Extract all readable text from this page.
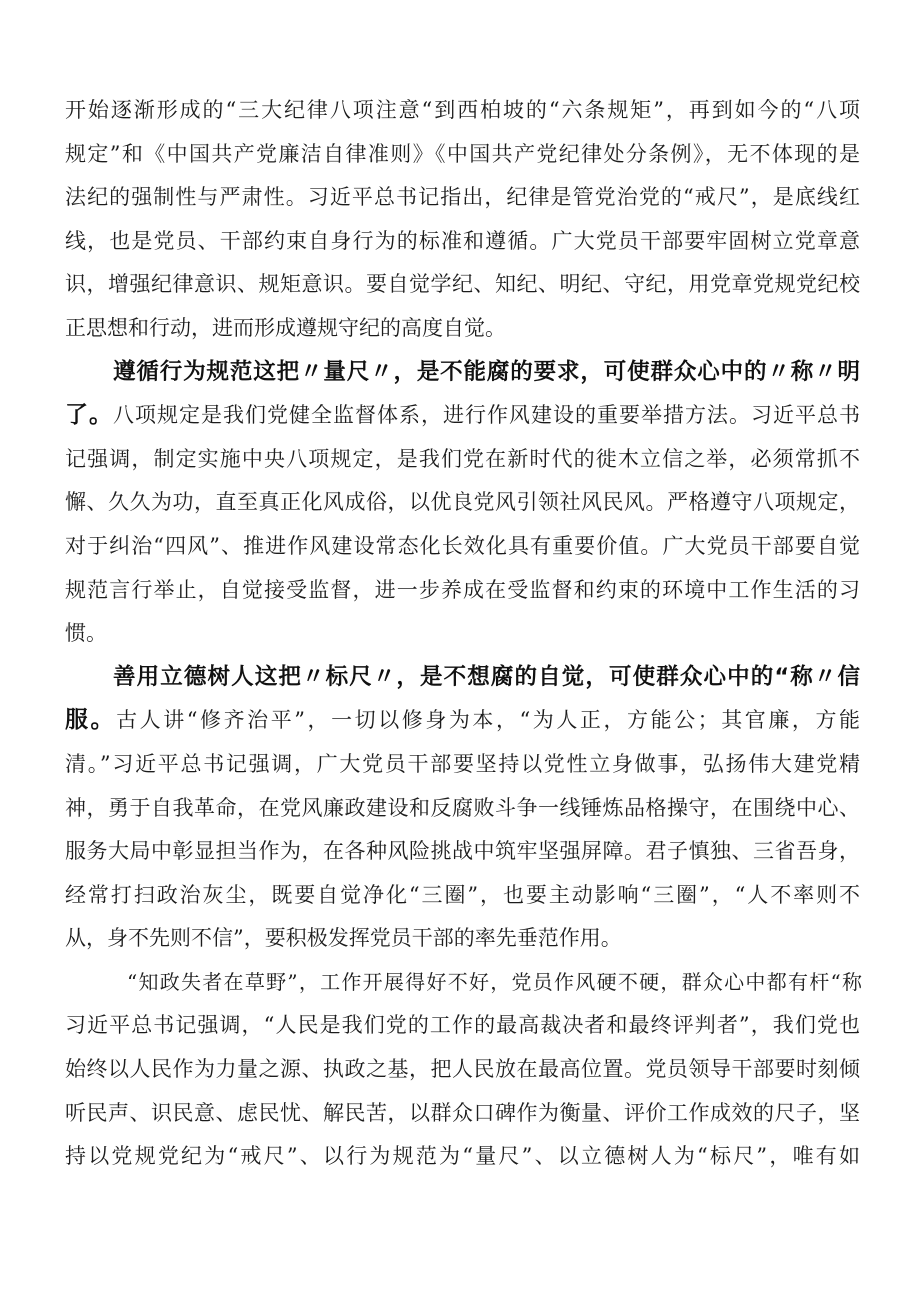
开始逐渐形成的“三大纪律八项注意“到西柏坡的“六条规矩”，再到如今的“八项
规定”和《中国共产党廉洁自律准则》《中国共产党纪律处分条例》，无不体现的是
法纪的强制性与严肃性。习近平总书记指出，纪律是管党治党的“戒尺”，是底线红
线，也是党员、干部约束自身行为的标准和遵循。广大党员干部要牢固树立党章意
识，增强纪律意识、规矩意识。要自觉学纪、知纪、明纪、守纪，用党章党规党纪校
正思想和行动，进而形成遵规守纪的高度自觉。
遵循行为规范这把〃量尺〃，是不能腐的要求，可使群众心中的〃称〃明
了。八项规定是我们党健全监督体系，进行作风建设的重要举措方法。习近平总书
记强调，制定实施中央八项规定，是我们党在新时代的徙木立信之举，必须常抓不
懈、久久为功，直至真正化风成俗，以优良党风引领社风民风。严格遵守八项规定，
对于纠治“四风”、推进作风建设常态化长效化具有重要价值。广大党员干部要自觉
规范言行举止，自觉接受监督，进一步养成在受监督和约束的环境中工作生活的习
惯。
善用立德树人这把〃标尺〃，是不想腐的自觉，可使群众心中的“称〃信
服。古人讲“修齐治平”，一切以修身为本，“为人正，方能公；其官廉，方能
清。”习近平总书记强调，广大党员干部要坚持以党性立身做事，弘扬伟大建党精
神，勇于自我革命，在党风廉政建设和反腐败斗争一线锤炼品格操守，在围绕中心、
服务大局中彰显担当作为，在各种风险挑战中筑牢坚强屏障。君子慎独、三省吾身，
经常打扫政治灰尘，既要自觉净化“三圈”，也要主动影响“三圈”，“人不率则不
从，身不先则不信”，要积极发挥党员干部的率先垂范作用。
“知政失者在草野”，工作开展得好不好，党员作风硬不硬，群众心中都有杆“称
习近平总书记强调，“人民是我们党的工作的最高裁决者和最终评判者”，我们党也
始终以人民作为力量之源、执政之基，把人民放在最高位置。党员领导干部要时刻倾
听民声、识民意、虑民忧、解民苦，以群众口碑作为衡量、评价工作成效的尺子，坚
持以党规党纪为“戒尺”、以行为规范为“量尺”、以立德树人为“标尺”，唯有如
